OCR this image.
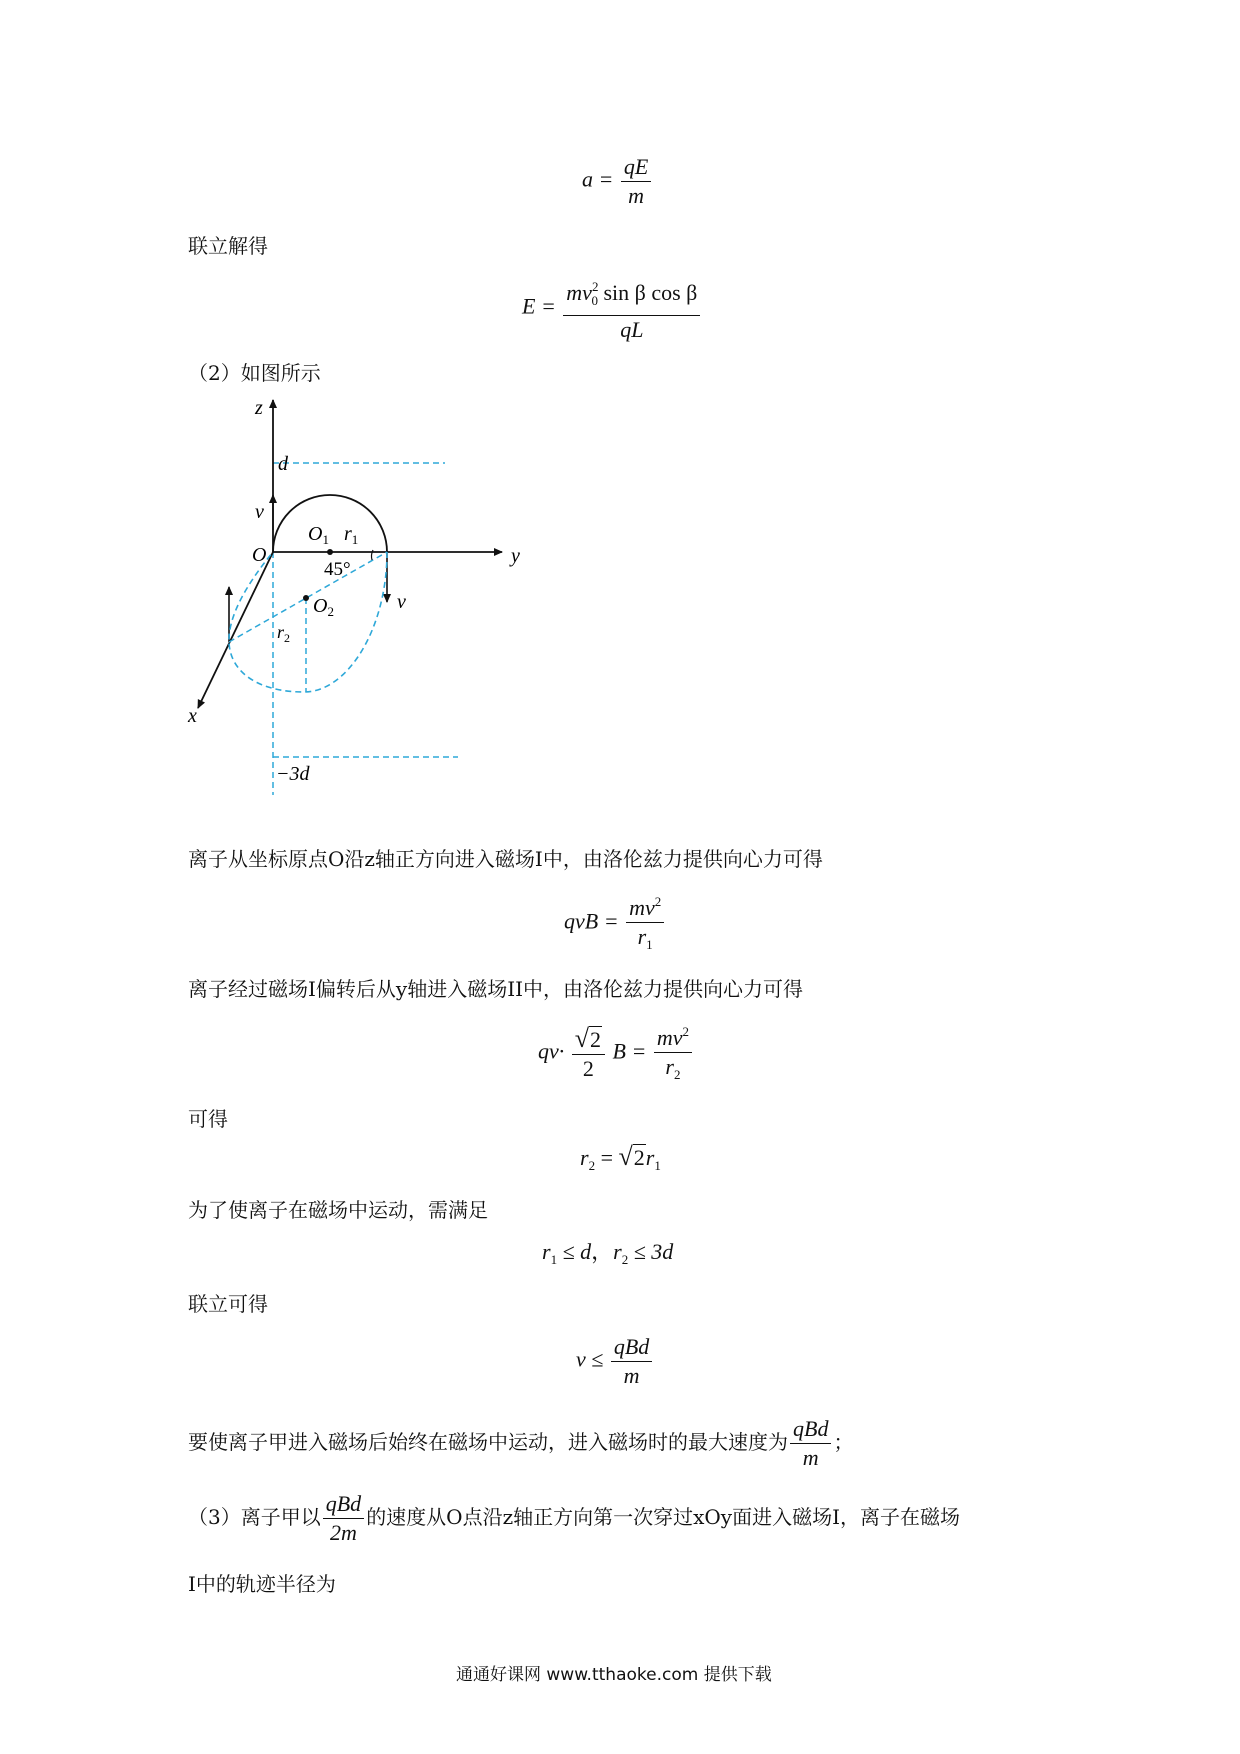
$a = \frac{qE}{m}$
联立解得
$E = \frac{mv^2_0 \sin \beta \cos \beta}{qL}$
（2）如图所示
z
d
v
O
$O_1$ $r_1$
45°
y
v
$O_2$
$r_2$
x
−3d
离子从坐标原点O沿z轴正方向进入磁场I中，由洛伦兹力提供向心力可得
qvB = $\frac{mv^2}{r_1}$
离子经过磁场I偏转后从y轴进入磁场II中，由洛伦兹力提供向心力可得
$qv\cdot \frac{√2}{2}$ $B = \frac{mv^2}{r_2}$
可得
$r_2 = √2r_1$
为了使离子在磁场中运动，需满足
$r_1 \le d$，$r_2 \le 3d$
联立可得
$v \le \frac{\text{qBd}}{m}$
要使离子甲进入磁场后始终在磁场中运动，进入磁场时的最大速度为 $\frac{\text{qBd}}{m}$ ；
（3）离子甲以 $\frac{\text{qBd}}{2m}$ 的速度从O点沿z轴正方向第一次穿过xOy面进入磁场I，离子在磁场
I中的轨迹半径为
通通好课网 www.tthaoke.com 提供下载
